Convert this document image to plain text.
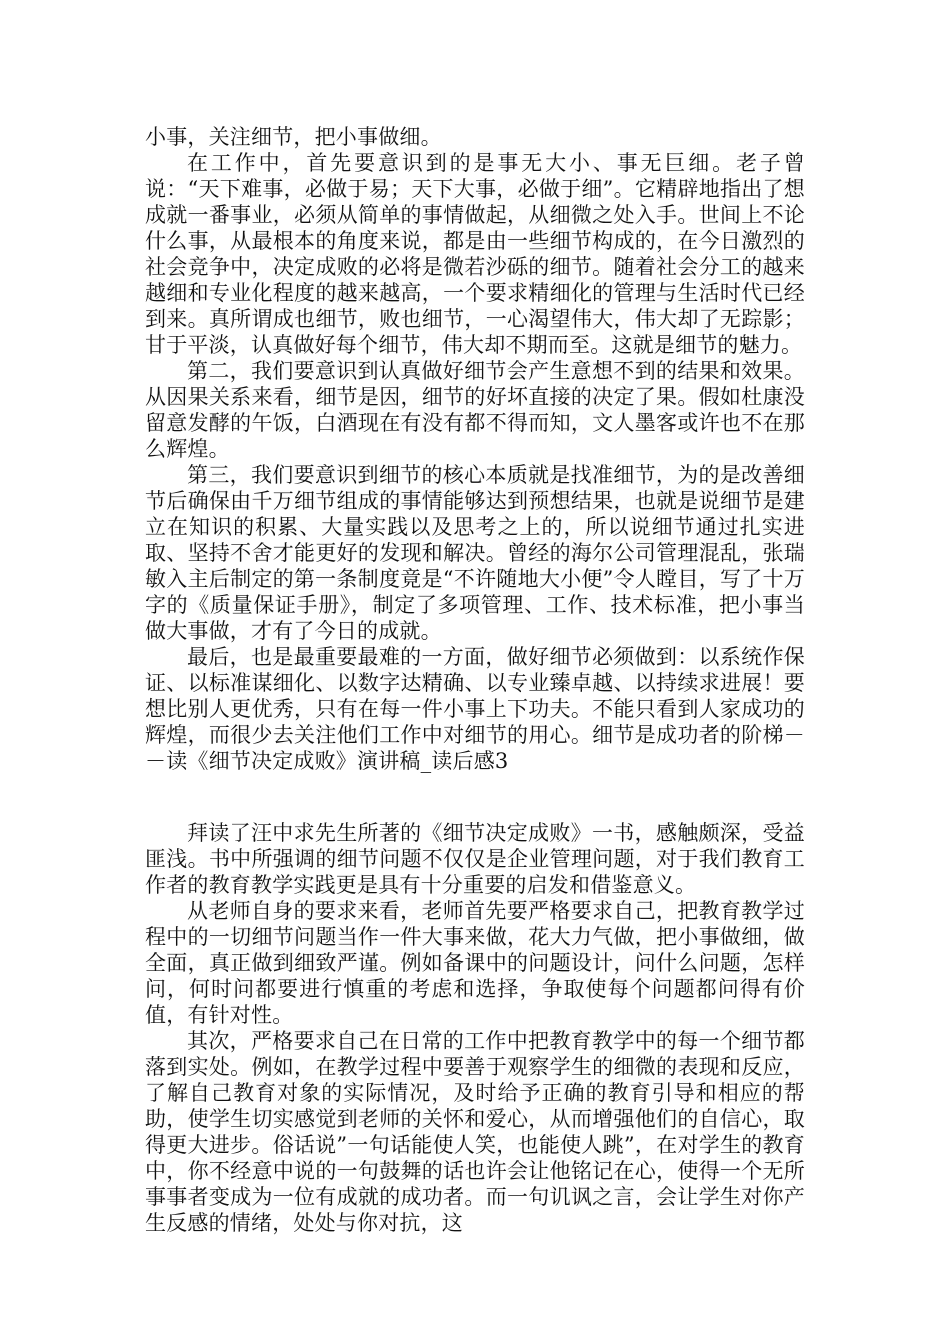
小事，关注细节，把小事做细。

在工作中，首先要意识到的是事无大小、事无巨细。老子曾说：“天下难事，必做于易；天下大事，必做于细”。它精辟地指出了想成就一番事业，必须从简单的事情做起，从细微之处入手。世间上不论什么事，从最根本的角度来说，都是由一些细节构成的，在今日激烈的社会竞争中，决定成败的必将是微若沙砾的细节。随着社会分工的越来越细和专业化程度的越来越高，一个要求精细化的管理与生活时代已经到来。真所谓成也细节，败也细节，一心渴望伟大，伟大却了无踪影；甘于平淡，认真做好每个细节，伟大却不期而至。这就是细节的魅力。

第二，我们要意识到认真做好细节会产生意想不到的结果和效果。从因果关系来看，细节是因，细节的好坏直接的决定了果。假如杜康没留意发酵的午饭，白酒现在有没有都不得而知，文人墨客或许也不在那么辉煌。

第三，我们要意识到细节的核心本质就是找准细节，为的是改善细节后确保由千万细节组成的事情能够达到预想结果，也就是说细节是建立在知识的积累、大量实践以及思考之上的，所以说细节通过扎实进取、坚持不舍才能更好的发现和解决。曾经的海尔公司管理混乱，张瑞敏入主后制定的第一条制度竟是“不许随地大小便”令人瞠目，写了十万字的《质量保证手册》，制定了多项管理、工作、技术标准，把小事当做大事做，才有了今日的成就。

最后，也是最重要最难的一方面，做好细节必须做到：以系统作保证、以标准谋细化、以数字达精确、以专业臻卓越、以持续求进展！要想比别人更优秀，只有在每一件小事上下功夫。不能只看到人家成功的辉煌，而很少去关注他们工作中对细节的用心。细节是成功者的阶梯－－读《细节决定成败》演讲稿_读后感3

拜读了汪中求先生所著的《细节决定成败》一书，感触颇深，受益匪浅。书中所强调的细节问题不仅仅是企业管理问题，对于我们教育工作者的教育教学实践更是具有十分重要的启发和借鉴意义。

从老师自身的要求来看，老师首先要严格要求自己，把教育教学过程中的一切细节问题当作一件大事来做，花大力气做，把小事做细，做全面，真正做到细致严谨。例如备课中的问题设计，问什么问题，怎样问，何时问都要进行慎重的考虑和选择，争取使每个问题都问得有价值，有针对性。

其次，严格要求自己在日常的工作中把教育教学中的每一个细节都落到实处。例如，在教学过程中要善于观察学生的细微的表现和反应，了解自己教育对象的实际情况，及时给予正确的教育引导和相应的帮助，使学生切实感觉到老师的关怀和爱心，从而增强他们的自信心，取得更大进步。俗话说”一句话能使人笑，也能使人跳”，在对学生的教育中，你不经意中说的一句鼓舞的话也许会让他铭记在心，使得一个无所事事者变成为一位有成就的成功者。而一句讥讽之言，会让学生对你产生反感的情绪，处处与你对抗，这
